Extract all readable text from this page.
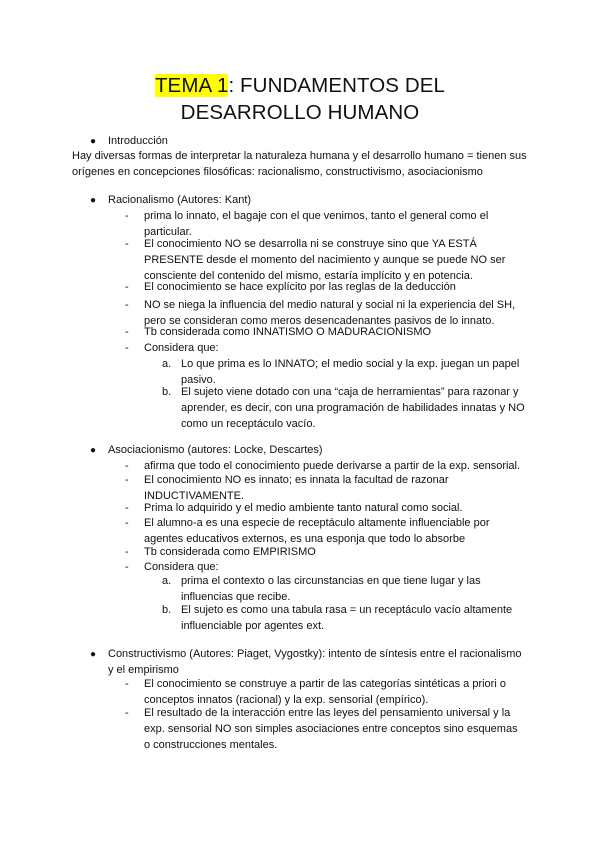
TEMA 1: FUNDAMENTOS DEL
DESARROLLO HUMANO
● Introducción
Hay diversas formas de interpretar la naturaleza humana y el desarrollo humano = tienen sus orígenes en concepciones filosóficas: racionalismo, constructivismo, asociacionismo
● Racionalismo (Autores: Kant)
- prima lo innato, el bagaje con el que venimos, tanto el general como el particular.
- El conocimiento NO se desarrolla ni se construye sino que YA ESTÁ PRESENTE desde el momento del nacimiento y aunque se puede NO ser consciente del contenido del mismo, estaría implícito y en potencia.
- El conocimiento se hace explícito por las reglas de la deducción
- NO se niega la influencia del medio natural y social ni la experiencia del SH, pero se consideran como meros desencadenantes pasivos de lo innato.
- Tb considerada como INNATISMO O MADURACIONISMO
- Considera que:
a. Lo que prima es lo INNATO; el medio social y la exp. juegan un papel pasivo.
b. El sujeto viene dotado con una “caja de herramientas” para razonar y aprender, es decir, con una programación de habilidades innatas y NO como un receptáculo vacío.
● Asociacionismo (autores: Locke, Descartes)
- afirma que todo el conocimiento puede derivarse a partir de la exp. sensorial.
- El conocimiento NO es innato; es innata la facultad de razonar INDUCTIVAMENTE.
- Prima lo adquirido y el medio ambiente tanto natural como social.
- El alumno-a es una especie de receptáculo altamente influenciable por agentes educativos externos, es una esponja que todo lo absorbe
- Tb considerada como EMPIRISMO
- Considera que:
a. prima el contexto o las circunstancias en que tiene lugar y las influencias que recibe.
b. El sujeto es como una tabula rasa = un receptáculo vacío altamente influenciable por agentes ext.
● Constructivismo (Autores: Piaget, Vygostky): intento de síntesis entre el racionalismo y el empirismo
- El conocimiento se construye a partir de las categorías sintéticas a priori o conceptos innatos (racional) y la exp. sensorial (empírico).
- El resultado de la interacción entre las leyes del pensamiento universal y la exp. sensorial NO son simples asociaciones entre conceptos sino esquemas o construcciones mentales.
